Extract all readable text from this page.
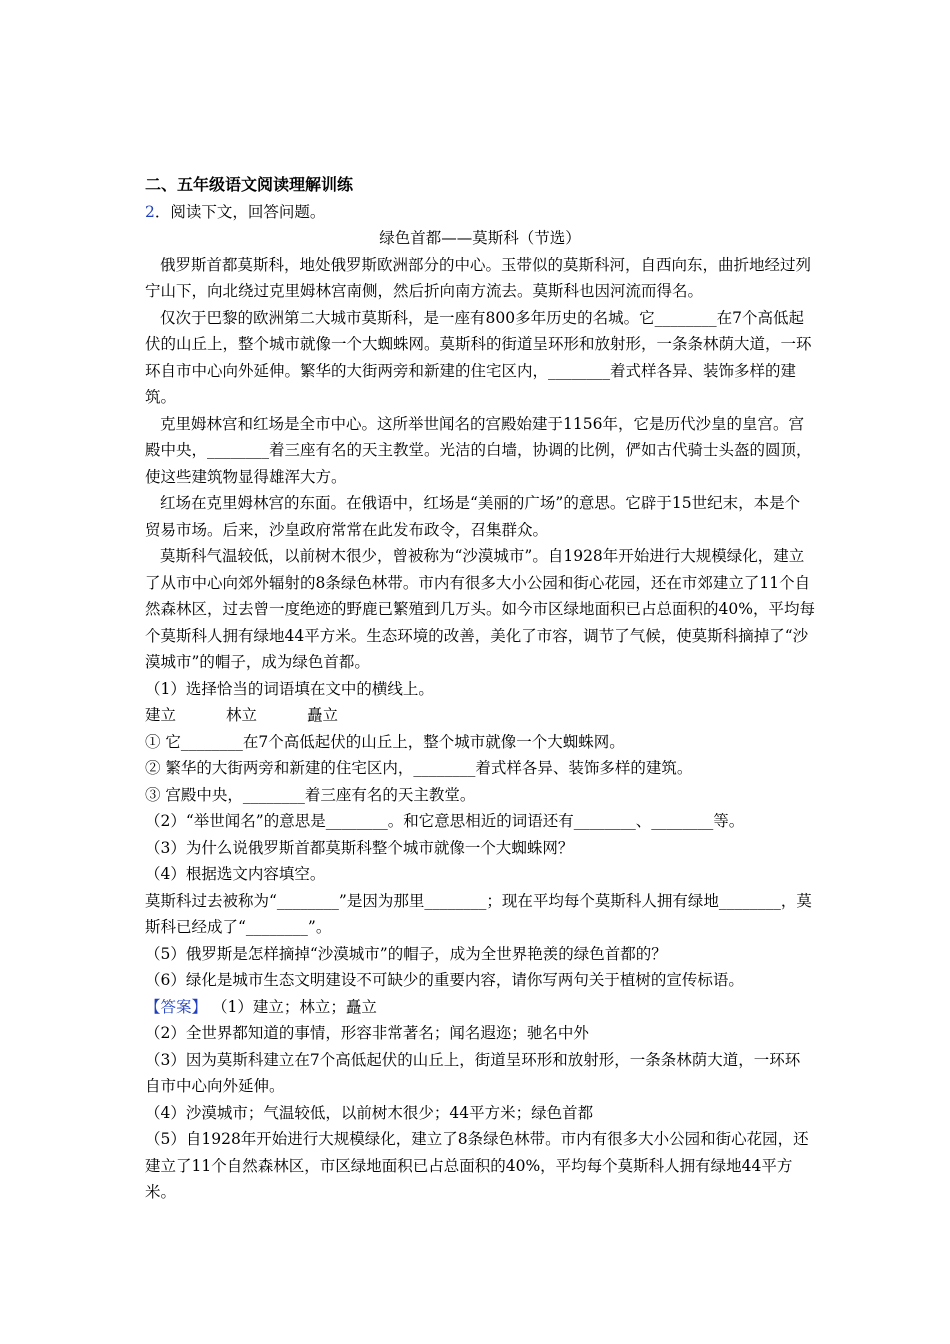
二、五年级语文阅读理解训练

2．阅读下文，回答问题。

绿色首都——莫斯科（节选）

俄罗斯首都莫斯科，地处俄罗斯欧洲部分的中心。玉带似的莫斯科河，自西向东，曲折地经过列宁山下，向北绕过克里姆林宫南侧，然后折向南方流去。莫斯科也因河流而得名。

仅次于巴黎的欧洲第二大城市莫斯科，是一座有800多年历史的名城。它________在7个高低起伏的山丘上，整个城市就像一个大蜘蛛网。莫斯科的街道呈环形和放射形，一条条林荫大道，一环环自市中心向外延伸。繁华的大街两旁和新建的住宅区内，________着式样各异、装饰多样的建筑。

克里姆林宫和红场是全市中心。这所举世闻名的宫殿始建于1156年，它是历代沙皇的皇宫。宫殿中央，________着三座有名的天主教堂。光洁的白墙，协调的比例，俨如古代骑士头盔的圆顶，使这些建筑物显得雄浑大方。

红场在克里姆林宫的东面。在俄语中，红场是“美丽的广场”的意思。它辟于15世纪末，本是个贸易市场。后来，沙皇政府常常在此发布政令，召集群众。

莫斯科气温较低，以前树木很少，曾被称为“沙漠城市”。自1928年开始进行大规模绿化，建立了从市中心向郊外辐射的8条绿色林带。市内有很多大小公园和街心花园，还在市郊建立了11个自然森林区，过去曾一度绝迹的野鹿已繁殖到几万头。如今市区绿地面积已占总面积的40%，平均每个莫斯科人拥有绿地44平方米。生态环境的改善，美化了市容，调节了气候，使莫斯科摘掉了“沙漠城市”的帽子，成为绿色首都。

（1）选择恰当的词语填在文中的横线上。

建立	林立	矗立

① 它________在7个高低起伏的山丘上，整个城市就像一个大蜘蛛网。

② 繁华的大街两旁和新建的住宅区内，________着式样各异、装饰多样的建筑。

③ 宫殿中央，________着三座有名的天主教堂。

（2）“举世闻名”的意思是________。和它意思相近的词语还有________、________等。

（3）为什么说俄罗斯首都莫斯科整个城市就像一个大蜘蛛网？

（4）根据选文内容填空。

莫斯科过去被称为“________”是因为那里________；现在平均每个莫斯科人拥有绿地________，莫斯科已经成了“________”。

（5）俄罗斯是怎样摘掉“沙漠城市”的帽子，成为全世界艳羡的绿色首都的？

（6）绿化是城市生态文明建设不可缺少的重要内容，请你写两句关于植树的宣传标语。

【答案】 （1）建立；林立；矗立

（2）全世界都知道的事情，形容非常著名；闻名遐迩；驰名中外

（3）因为莫斯科建立在7个高低起伏的山丘上，街道呈环形和放射形，一条条林荫大道，一环环自市中心向外延伸。

（4）沙漠城市；气温较低，以前树木很少；44平方米；绿色首都

（5）自1928年开始进行大规模绿化，建立了8条绿色林带。市内有很多大小公园和街心花园，还建立了11个自然森林区，市区绿地面积已占总面积的40%，平均每个莫斯科人拥有绿地44平方米。
